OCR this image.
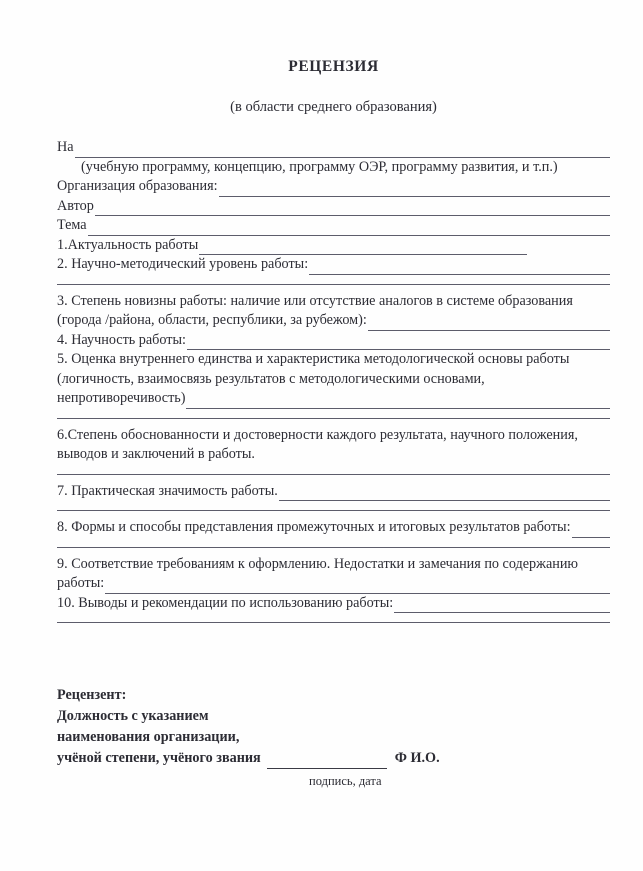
РЕЦЕНЗИЯ
(в области среднего образования)
На
(учебную программу, концепцию, программу ОЭР, программу развития, и т.п.)
Организация образования:
Автор
Тема
1.Актуальность работы
2. Научно-методический уровень работы:
3. Степень новизны работы: наличие или отсутствие аналогов в системе образования
(города /района, области, республики, за рубежом):
4. Научность работы:
5. Оценка внутреннего единства и характеристика методологической основы работы
(логичность, взаимосвязь результатов с методологическими основами,
непротиворечивость)
6.Степень обоснованности и достоверности каждого результата, научного положения,
выводов и заключений в работы.
7. Практическая значимость работы.
8. Формы и способы представления промежуточных и итоговых результатов работы:
9. Соответствие требованиям к оформлению. Недостатки и замечания по содержанию
работы:
10. Выводы и рекомендации по использованию работы:
Рецензент:
Должность с указанием
наименования организации,
учёной степени, учёного звания	Ф И.О.
подпись, дата
